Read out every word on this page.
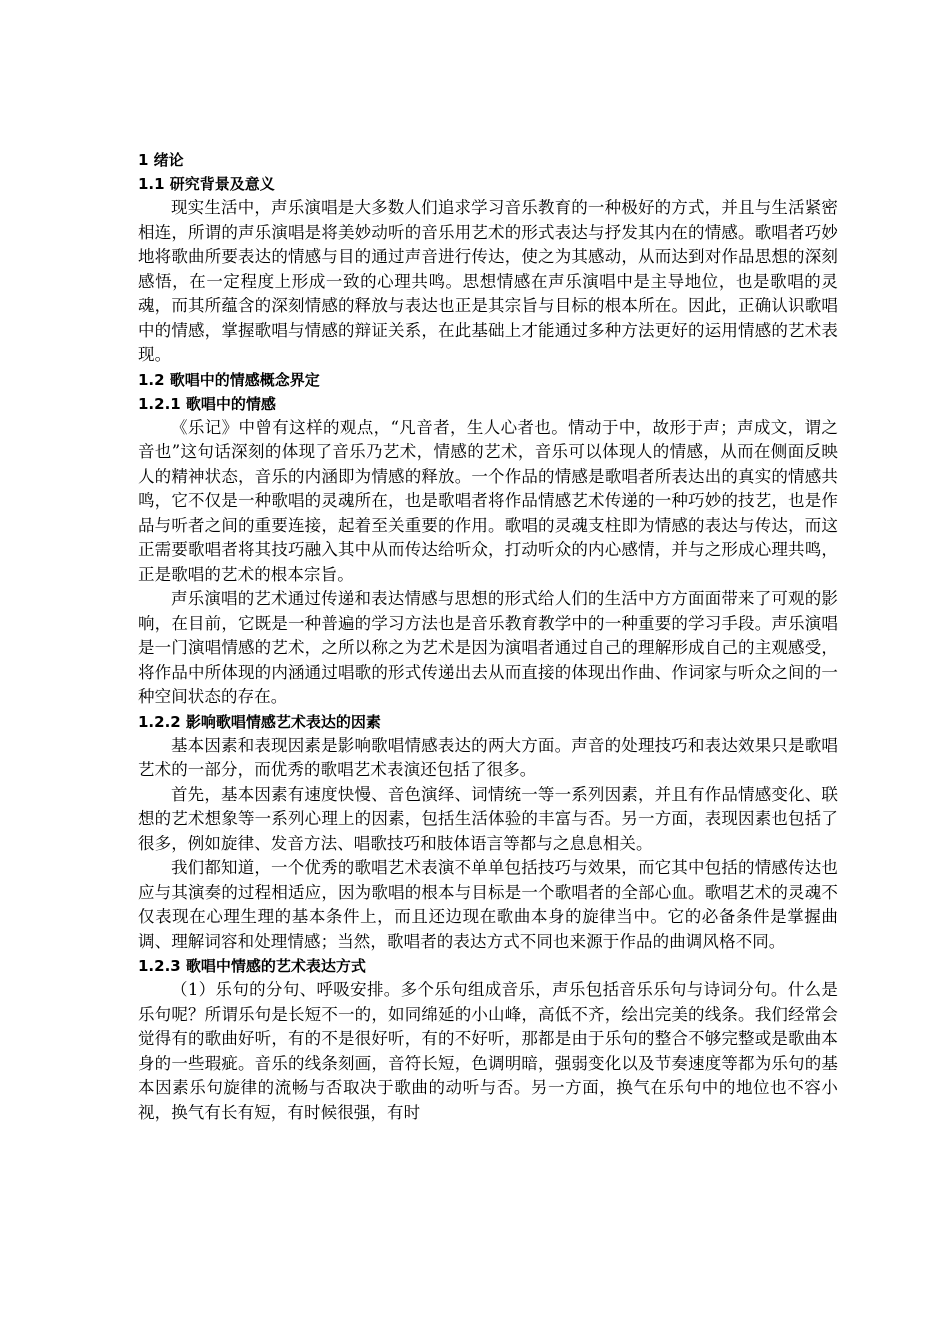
1 绪论

1.1 研究背景及意义

现实生活中，声乐演唱是大多数人们追求学习音乐教育的一种极好的方式，并且与生活紧密相连，所谓的声乐演唱是将美妙动听的音乐用艺术的形式表达与抒发其内在的情感。歌唱者巧妙地将歌曲所要表达的情感与目的通过声音进行传达，使之为其感动，从而达到对作品思想的深刻感悟，在一定程度上形成一致的心理共鸣。思想情感在声乐演唱中是主导地位，也是歌唱的灵魂，而其所蕴含的深刻情感的释放与表达也正是其宗旨与目标的根本所在。因此，正确认识歌唱中的情感，掌握歌唱与情感的辩证关系，在此基础上才能通过多种方法更好的运用情感的艺术表现。

1.2 歌唱中的情感概念界定

1.2.1 歌唱中的情感

《乐记》中曾有这样的观点，“凡音者，生人心者也。情动于中，故形于声；声成文，谓之音也”这句话深刻的体现了音乐乃艺术，情感的艺术，音乐可以体现人的情感，从而在侧面反映人的精神状态，音乐的内涵即为情感的释放。一个作品的情感是歌唱者所表达出的真实的情感共鸣，它不仅是一种歌唱的灵魂所在，也是歌唱者将作品情感艺术传递的一种巧妙的技艺，也是作品与听者之间的重要连接，起着至关重要的作用。歌唱的灵魂支柱即为情感的表达与传达，而这正需要歌唱者将其技巧融入其中从而传达给听众，打动听众的内心感情，并与之形成心理共鸣，正是歌唱的艺术的根本宗旨。

声乐演唱的艺术通过传递和表达情感与思想的形式给人们的生活中方方面面带来了可观的影响，在目前，它既是一种普遍的学习方法也是音乐教育教学中的一种重要的学习手段。声乐演唱是一门演唱情感的艺术，之所以称之为艺术是因为演唱者通过自己的理解形成自己的主观感受，将作品中所体现的内涵通过唱歌的形式传递出去从而直接的体现出作曲、作词家与听众之间的一种空间状态的存在。

1.2.2 影响歌唱情感艺术表达的因素

基本因素和表现因素是影响歌唱情感表达的两大方面。声音的处理技巧和表达效果只是歌唱艺术的一部分，而优秀的歌唱艺术表演还包括了很多。

首先，基本因素有速度快慢、音色演绎、词情统一等一系列因素，并且有作品情感变化、联想的艺术想象等一系列心理上的因素，包括生活体验的丰富与否。另一方面，表现因素也包括了很多，例如旋律、发音方法、唱歌技巧和肢体语言等都与之息息相关。

我们都知道，一个优秀的歌唱艺术表演不单单包括技巧与效果，而它其中包括的情感传达也应与其演奏的过程相适应，因为歌唱的根本与目标是一个歌唱者的全部心血。歌唱艺术的灵魂不仅表现在心理生理的基本条件上，而且还边现在歌曲本身的旋律当中。它的必备条件是掌握曲调、理解词容和处理情感；当然，歌唱者的表达方式不同也来源于作品的曲调风格不同。

1.2.3 歌唱中情感的艺术表达方式

（1）乐句的分句、呼吸安排。多个乐句组成音乐，声乐包括音乐乐句与诗词分句。什么是乐句呢？所谓乐句是长短不一的，如同绵延的小山峰，高低不齐，绘出完美的线条。我们经常会觉得有的歌曲好听，有的不是很好听，有的不好听，那都是由于乐句的整合不够完整或是歌曲本身的一些瑕疵。音乐的线条刻画，音符长短，色调明暗，强弱变化以及节奏速度等都为乐句的基本因素乐句旋律的流畅与否取决于歌曲的动听与否。另一方面，换气在乐句中的地位也不容小视，换气有长有短，有时候很强，有时
